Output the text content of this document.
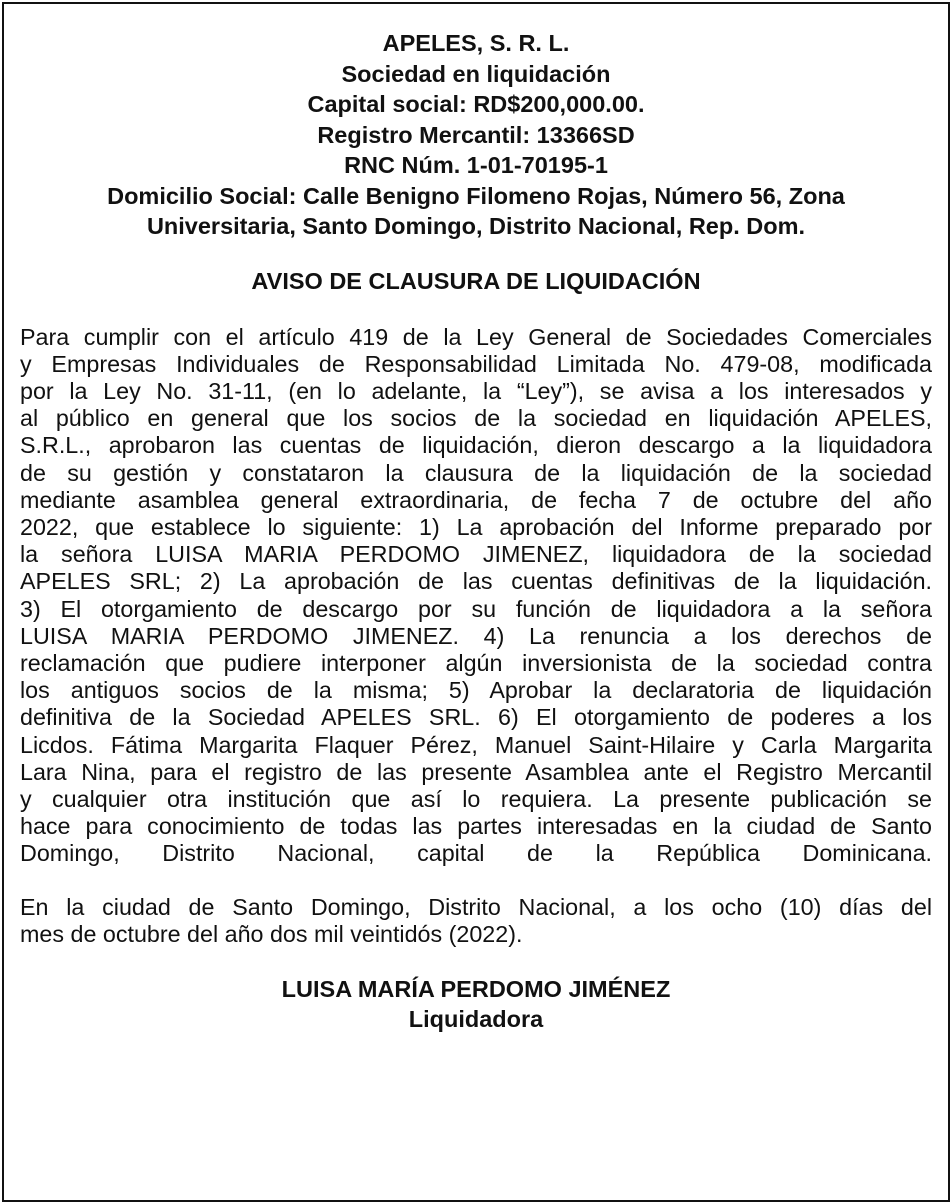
APELES, S. R. L.
Sociedad en liquidación
Capital social: RD$200,000.00.
Registro Mercantil: 13366SD
RNC Núm. 1-01-70195-1
Domicilio Social: Calle Benigno Filomeno Rojas, Número 56, Zona
Universitaria, Santo Domingo, Distrito Nacional, Rep. Dom.
AVISO DE CLAUSURA DE LIQUIDACIÓN
Para cumplir con el artículo 419 de la Ley General de Sociedades Comerciales
y Empresas Individuales de Responsabilidad Limitada No. 479-08, modificada
por la Ley No. 31-11, (en lo adelante, la “Ley”), se avisa a los interesados y
al público en general que los socios de la sociedad en liquidación APELES,
S.R.L., aprobaron las cuentas de liquidación, dieron descargo a la liquidadora
de su gestión y constataron la clausura de la liquidación de la sociedad
mediante asamblea general extraordinaria, de fecha 7 de octubre del año
2022, que establece lo siguiente: 1) La aprobación del Informe preparado por
la señora LUISA MARIA PERDOMO JIMENEZ, liquidadora de la sociedad
APELES SRL; 2) La aprobación de las cuentas definitivas de la liquidación.
3) El otorgamiento de descargo por su función de liquidadora a la señora
LUISA MARIA PERDOMO JIMENEZ. 4) La renuncia a los derechos de
reclamación que pudiere interponer algún inversionista de la sociedad contra
los antiguos socios de la misma; 5) Aprobar la declaratoria de liquidación
definitiva de la Sociedad APELES SRL. 6) El otorgamiento de poderes a los
Licdos. Fátima Margarita Flaquer Pérez, Manuel Saint-Hilaire y Carla Margarita
Lara Nina, para el registro de las presente Asamblea ante el Registro Mercantil
y cualquier otra institución que así lo requiera. La presente publicación se
hace para conocimiento de todas las partes interesadas en la ciudad de Santo
Domingo, Distrito Nacional, capital de la República Dominicana.
En la ciudad de Santo Domingo, Distrito Nacional, a los ocho (10) días del
mes de octubre del año dos mil veintidós (2022).
LUISA MARÍA PERDOMO JIMÉNEZ
Liquidadora
